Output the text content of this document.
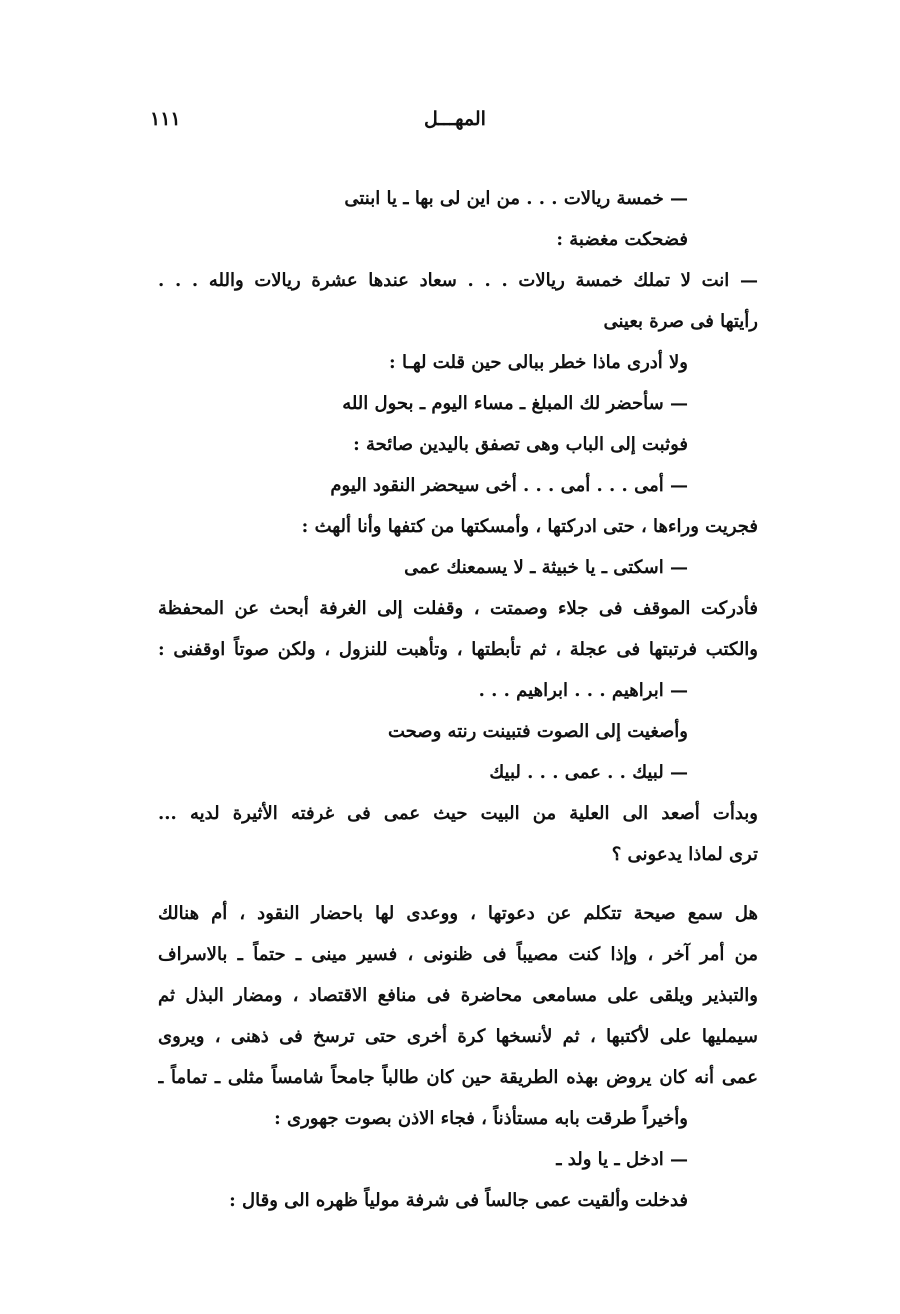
المهـــل
١١١
— خمسة ريالات . . . من اين لى بها ـ يا ابنتى
فضحكت مغضبة :
— انت لا تملك خمسة ريالات . . . سعاد عندها عشرة ريالات والله . . .
رأيتها فى صرة بعينى
ولا أدرى ماذا خطر ببالى حين قلت لهـا :
— سأحضر لك المبلغ ـ مساء اليوم ـ بحول الله
فوثبت إلى الباب وهى تصفق باليدين صائحة :
— أمى . . . أمى . . . أخى سيحضر النقود اليوم
فجريت وراءها ، حتى ادركتها ، وأمسكتها من كتفها وأنا ألهث :
— اسكتى ـ يا خبيثة ـ لا يسمعنك عمى
فأدركت الموقف فى جلاء وصمتت ، وقفلت إلى الغرفة أبحث عن المحفظة
والكتب فرتبتها فى عجلة ، ثم تأبطتها ، وتأهبت للنزول ، ولكن صوتاً اوقفنى :
— ابراهيم . . . ابراهيم . . .
وأصغيت إلى الصوت فتبينت رنته وصحت
— لبيك . . عمى . . . لبيك
وبدأت أصعد الى العلية من البيت حيث عمى فى غرفته الأثيرة لديه ...
ترى لماذا يدعونى ؟
هل سمع صيحة تتكلم عن دعوتها ، ووعدى لها باحضار النقود ، أم هنالك
من أمر آخر ، وإذا كنت مصيباً فى ظنونى ، فسير مينى ـ حتماً ـ بالاسراف
والتبذير ويلقى على مسامعى محاضرة فى منافع الاقتصاد ، ومضار البذل ثم
سيمليها على لأكتبها ، ثم لأنسخها كرة أخرى حتى ترسخ فى ذهنى ، ويروى
عمى أنه كان يروض بهذه الطريقة حين كان طالباً جامحاً شامساً مثلى ـ تماماً ـ
وأخيراً طرقت بابه مستأذناً ، فجاء الاذن بصوت جهورى :
— ادخل ـ يا ولد ـ
فدخلت وألقيت عمى جالساً فى شرفة مولياً ظهره الى وقال :
